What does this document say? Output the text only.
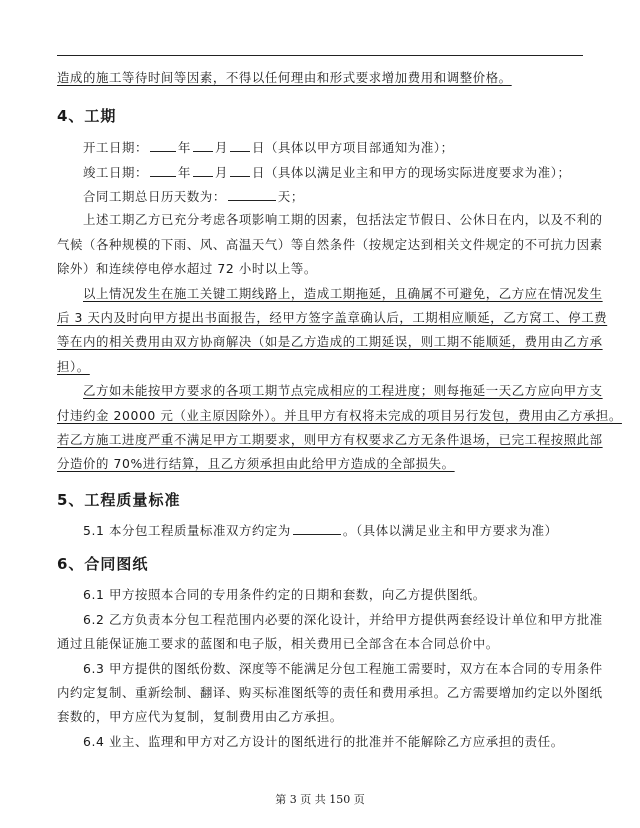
造成的施工等待时间等因素，不得以任何理由和形式要求增加费用和调整价格。
4、工期
开工日期： 年 月 日（具体以甲方项目部通知为准）；
竣工日期： 年 月 日（具体以满足业主和甲方的现场实际进度要求为准）；
合同工期总日历天数为：	天；
上述工期乙方已充分考虑各项影响工期的因素，包括法定节假日、公休日在内，以及不利的
气候（各种规模的下雨、风、高温天气）等自然条件（按规定达到相关文件规定的不可抗力因素
除外）和连续停电停水超过 72 小时以上等。
以上情况发生在施工关键工期线路上，造成工期拖延，且确属不可避免，乙方应在情况发生
后 3 天内及时向甲方提出书面报告，经甲方签字盖章确认后，工期相应顺延，乙方窝工、停工费
等在内的相关费用由双方协商解决（如是乙方造成的工期延误，则工期不能顺延，费用由乙方承
担）。
乙方如未能按甲方要求的各项工期节点完成相应的工程进度；则每拖延一天乙方应向甲方支
付违约金 20000 元（业主原因除外）。并且甲方有权将未完成的项目另行发包，费用由乙方承担。
若乙方施工进度严重不满足甲方工期要求，则甲方有权要求乙方无条件退场，已完工程按照此部
分造价的 70%进行结算，且乙方须承担由此给甲方造成的全部损失。
5、工程质量标准
5.1 本分包工程质量标准双方约定为	。（具体以满足业主和甲方要求为准）
6、合同图纸
6.1 甲方按照本合同的专用条件约定的日期和套数，向乙方提供图纸。
6.2 乙方负责本分包工程范围内必要的深化设计，并给甲方提供两套经设计单位和甲方批准
通过且能保证施工要求的蓝图和电子版，相关费用已全部含在本合同总价中。
6.3 甲方提供的图纸份数、深度等不能满足分包工程施工需要时，双方在本合同的专用条件
内约定复制、重新绘制、翻译、购买标准图纸等的责任和费用承担。乙方需要增加约定以外图纸
套数的，甲方应代为复制，复制费用由乙方承担。
6.4 业主、监理和甲方对乙方设计的图纸进行的批准并不能解除乙方应承担的责任。
第 3 页 共 150 页
